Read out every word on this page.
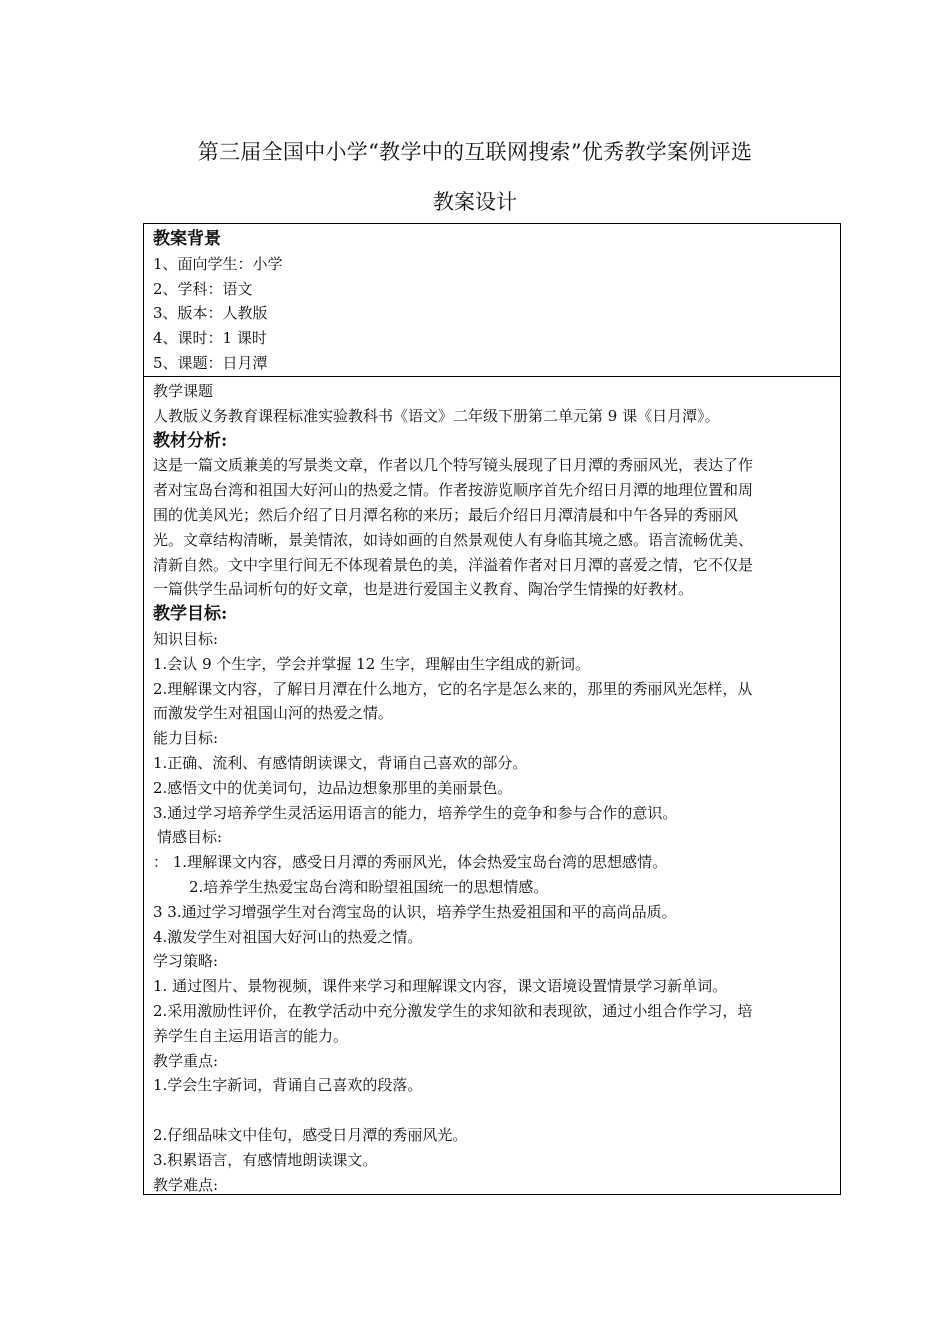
第三届全国中小学“教学中的互联网搜索”优秀教学案例评选
教案设计
教案背景
1、面向学生：小学
2、学科：语文
3、版本：人教版
4、课时：1 课时
5、课题：日月潭
教学课题
人教版义务教育课程标准实验教科书《语文》二年级下册第二单元第 9 课《日月潭》。
教材分析:
这是一篇文质兼美的写景类文章，作者以几个特写镜头展现了日月潭的秀丽风光，表达了作
者对宝岛台湾和祖国大好河山的热爱之情。作者按游览顺序首先介绍日月潭的地理位置和周
围的优美风光；然后介绍了日月潭名称的来历；最后介绍日月潭清晨和中午各异的秀丽风
光。文章结构清晰，景美情浓，如诗如画的自然景观使人有身临其境之感。语言流畅优美、
清新自然。文中字里行间无不体现着景色的美，洋溢着作者对日月潭的喜爱之情，它不仅是
一篇供学生品词析句的好文章，也是进行爱国主义教育、陶冶学生情操的好教材。
教学目标:
知识目标:
1.会认 9 个生字，学会并掌握 12 生字，理解由生字组成的新词。
2.理解课文内容，了解日月潭在什么地方，它的名字是怎么来的，那里的秀丽风光怎样，从
而激发学生对祖国山河的热爱之情。
能力目标:
1.正确、流利、有感情朗读课文，背诵自己喜欢的部分。
2.感悟文中的优美词句，边品边想象那里的美丽景色。
3.通过学习培养学生灵活运用语言的能力，培养学生的竞争和参与合作的意识。
情感目标:
： 1.理解课文内容，感受日月潭的秀丽风光，体会热爱宝岛台湾的思想感情。
2.培养学生热爱宝岛台湾和盼望祖国统一的思想情感。
3 3.通过学习增强学生对台湾宝岛的认识，培养学生热爱祖国和平的高尚品质。
4.激发学生对祖国大好河山的热爱之情。
学习策略:
1. 通过图片、景物视频，课件来学习和理解课文内容，课文语境设置情景学习新单词。
2.采用激励性评价，在教学活动中充分激发学生的求知欲和表现欲，通过小组合作学习，培
养学生自主运用语言的能力。
教学重点:
1.学会生字新词，背诵自己喜欢的段落。
2.仔细品味文中佳句，感受日月潭的秀丽风光。
3.积累语言，有感情地朗读课文。
教学难点:
